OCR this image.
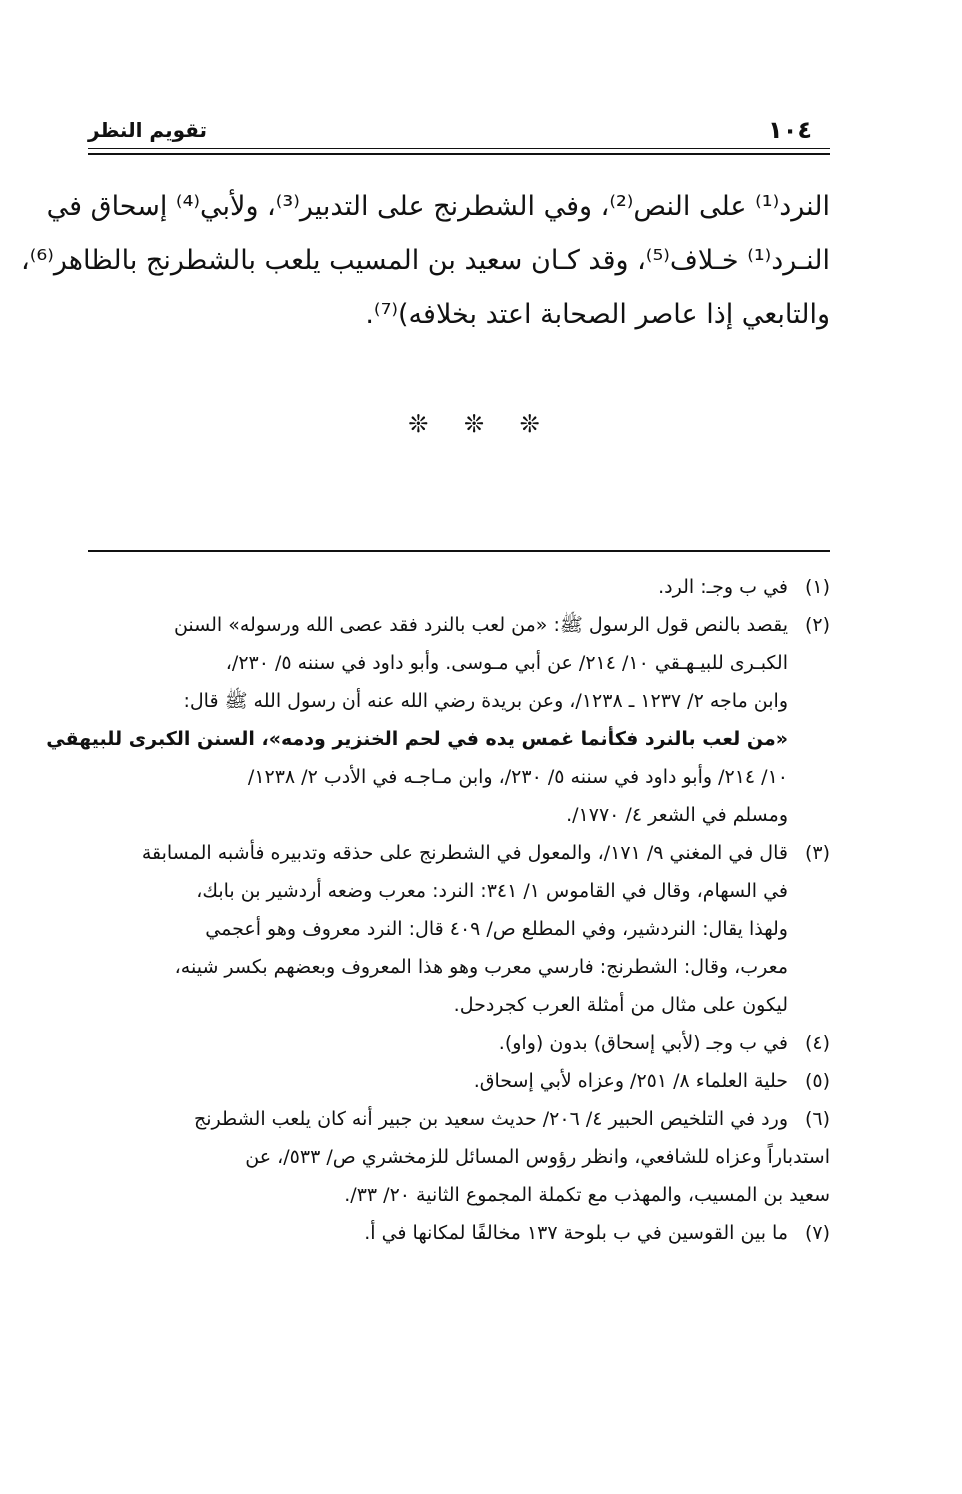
تقويم النظر	١٠٤
النرد⁽¹⁾ على النص⁽²⁾، وفي الشطرنج على التدبير⁽³⁾، ولأبي⁽⁴⁾ إسحاق في
النـرد⁽¹⁾ خـلاف⁽⁵⁾، وقد كـان سعيد بن المسيب يلعب بالشطرنج بالظاهر⁽⁶⁾،
والتابعي إذا عاصر الصحابة اعتد بخلافه)⁽⁷⁾.
❊ ❊ ❊
(١)
في ب وجـ: الرد.
(٢)
يقصد بالنص قول الرسول ﷺ: «من لعب بالنرد فقد عصى الله ورسوله» السنن
الكبـرى للبيـهـقي ١٠/ ٢١٤/ عن أبي مـوسى. وأبو داود في سننه ٥/ ٢٣٠/،
وابن ماجه ٢/ ١٢٣٧ ـ ١٢٣٨/، وعن بريدة رضي الله عنه أن رسول الله ﷺ قال:
«من لعب بالنرد فكأنما غمس يده في لحم الخنزير ودمه»، السنن الكبرى للبيهقي
١٠/ ٢١٤/ وأبو داود في سننه ٥/ ٢٣٠/، وابن مـاجـه في الأدب ٢/ ١٢٣٨/
ومسلم في الشعر ٤/ ١٧٧٠/.
(٣)
قال في المغني ٩/ ١٧١/، والمعول في الشطرنج على حذقه وتدبيره فأشبه المسابقة
في السهام، وقال في القاموس ١/ ٣٤١: النرد: معرب وضعه أردشير بن بابك،
ولهذا يقال: النردشير، وفي المطلع ص/ ٤٠٩ قال: النرد معروف وهو أعجمي
معرب، وقال: الشطرنج: فارسي معرب وهو هذا المعروف وبعضهم بكسر شينه،
ليكون على مثال من أمثلة العرب كجردحل.
(٤)
في ب وجـ (لأبي إسحاق) بدون (واو).
(٥)
حلية العلماء ٨/ ٢٥١/ وعزاه لأبي إسحاق.
(٦)
ورد في التلخيص الحبير ٤/ ٢٠٦/ حديث سعيد بن جبير أنه كان يلعب الشطرنج
استدباراً وعزاه للشافعي، وانظر رؤوس المسائل للزمخشري ص/ ٥٣٣/، عن
سعيد بن المسيب، والمهذب مع تكملة المجموع الثانية ٢٠/ ٣٣/.
(٧)
ما بين القوسين في ب بلوحة ١٣٧ مخالفًا لمكانها في أ.
